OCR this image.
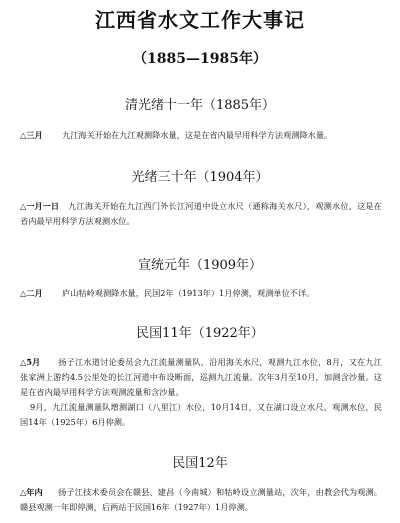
江西省水文工作大事记
（1885—1985年）
清光绪十一年（1885年）

△三月 九江海关开始在九江观测降水量，这是在省内最早用科学方法观测降水量。

光绪三十年（1904年）

△一月一日 九江海关开始在九江西门外长江河道中设立水尺（通称海关水尺），观测水位，这是在省内最早用科学方法观测水位。

宣统元年（1909年）

△二月 庐山牯岭观测降水量，民国2年（1913年）1月停测，观测单位不详。

民国11年（1922年）

△5月 扬子江水道讨论委员会九江流量测量队，沿用海关水尺，观测九江水位，8月，又在九江张家洲上游约4.5公里处的长江河道中布设断面，巡测九江流量。次年3月至10月，加测含沙量。这是在省内最早用科学方法观测流量和含沙量。

9月，九江流量测量队增测湖口（八里江）水位，10月14日，又在湖口设立水尺，观测水位，民国14年（1925年）6月停测。

民国12年

△年内 扬子江技术委员会在赣县、建昌（今南城）和牯岭设立测量站，次年，由教会代为观测。赣县观测一年即停测，后两站于民国16年（1927年）1月停测。
